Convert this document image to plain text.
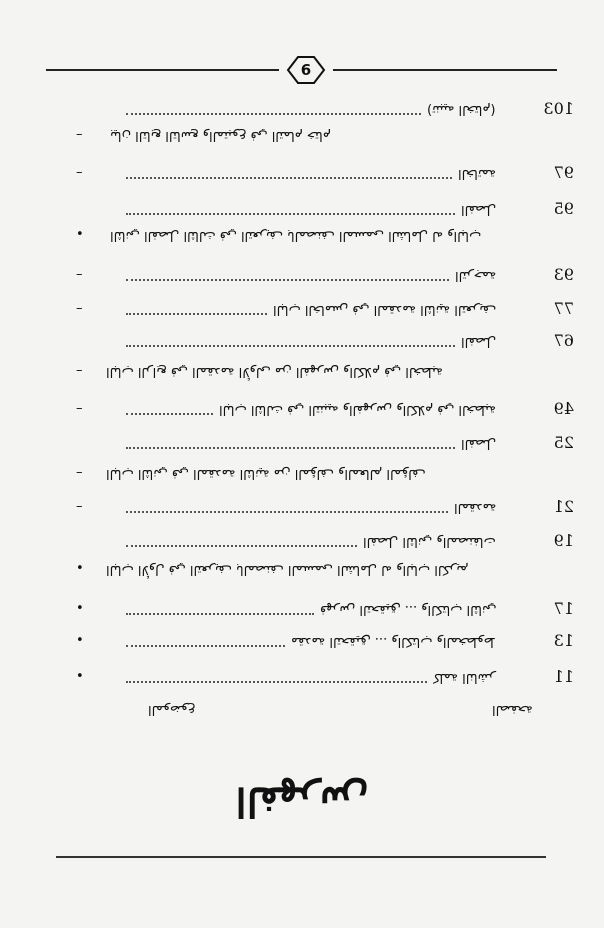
6
103
(ﺗﻨﺒﻴﻪ ﺍﻟﺨﺘﺎﻡ)
ﺑﻴﺎﻥ ﺍﻟﺘﺎﺑﻊ ﺍﻟﺘﺎﺳﻊ ﻭﺍﻟﻤﺘﺒﻮﻉ ﻓﻲ ﺍﻟﺘﻤﺎﻡ ﺧﺘﺎﻡ
–
97
ﺍﻟﺨﺎﺗﻤﺔ
–
95
ﺍﻟﻔﺼﻞ
ﺍﻟﺜﺎﻧﻲ ﺍﻟﻔﺼﻞ ﺍﻟﺜﺎﻟﺚ ﻓﻲ ﺍﻟﺘﻌﺮﻳﻒ ﺑﺎﻟﻤﺼﻨﻒ ﺍﻟﻤﺴﻤﻰ ﺍﻟﺸﺎﻣﻞ ﻟﻪ ﻭﺍﻟﺒﺎﺏ
•
93
ﺍﻟﺘﺮﺟﻤﺔ
–
77
ﺍﻟﺒﺎﺏ ﺍﻟﺨﺎﻣﺲ ﻓﻲ ﺍﻟﻤﻘﺪﻣﺔ ﺍﻟﺜﺎﻧﻴﺔ ﺍﻟﺘﻌﺮﻳﻒ
–
67
ﺍﻟﻔﺼﻞ
ﺍﻟﺒﺎﺏ ﺍﻟﺮﺍﺑﻊ ﻓﻲ ﺍﻟﻤﻘﺪﻣﺔ ﺍﻷﻭﻟﻰ ﻣﻦ ﺍﻟﻔﻬﺮﺱ ﻭﺍﻟﻜﻼﻡ ﻓﻲ ﺍﻟﺨﻄﺒﺔ
–
49
ﺍﻟﺒﺎﺏ ﺍﻟﺜﺎﻟﺚ ﻓﻲ ﺍﻟﺘﻨﺒﻴﻪ ﻭﺍﻟﻔﻬﺮﺱ ﻭﺍﻟﻜﻼﻡ ﻓﻲ ﺍﻟﺨﻄﺒﺔ
–
25
ﺍﻟﻔﺼﻞ
ﺍﻟﺒﺎﺏ ﺍﻟﺜﺎﻧﻲ ﻓﻲ ﺍﻟﻤﻘﺪﻣﺔ ﺍﻟﺜﺎﻧﻴﺔ ﻣﻦ ﺍﻟﻤﺆﻟﻒ ﻭﺍﻟﻤﻌﺎﻟﻢ ﺍﻟﻤﺆﻟﻒ
–
21
ﺍﻟﻤﻘﺪﻣﺔ
–
19
ﺍﻟﻔﺼﻞ ﺍﻟﺜﺎﻧﻲ ﻭﺍﻟﻤﺼﻨﻔﺎﺕ
ﺍﻟﺒﺎﺏ ﺍﻷﻭﻝ ﻓﻲ ﺍﻟﺘﻌﺮﻳﻒ ﺑﺎﻟﻤﺼﻨﻒ ﺍﻟﻤﺴﻤﻰ ﺍﻟﺸﺎﻣﻞ ﻟﻪ ﻭﺍﻟﺒﺎﺏ ﺍﻟﻜﺮﻳﻢ
•
17
ﻓﻬﺮﺱ ﺍﻟﺘﺤﻘﻴﻖ ... ﻭﺍﻟﻜﺘﺎﺏ ﺍﻟﺜﺎﻧﻲ
•
13
ﻣﻘﺪﻣﺔ ﺍﻟﺘﺤﻘﻴﻖ ... ﻭﺍﻟﻜﺘﺎﺏ ﻭﺍﻟﻤﺨﻄﻮﻁ
•
11
ﻛﻠﻤﺔ ﺍﻟﻨﺎﺷﺮ
•
ﺍﻟﺼﻔﺤﺔ
ﺍﻟﻤﻮﺿﻮﻉ
ﺍﻟﻔﻬﺮﺱ
